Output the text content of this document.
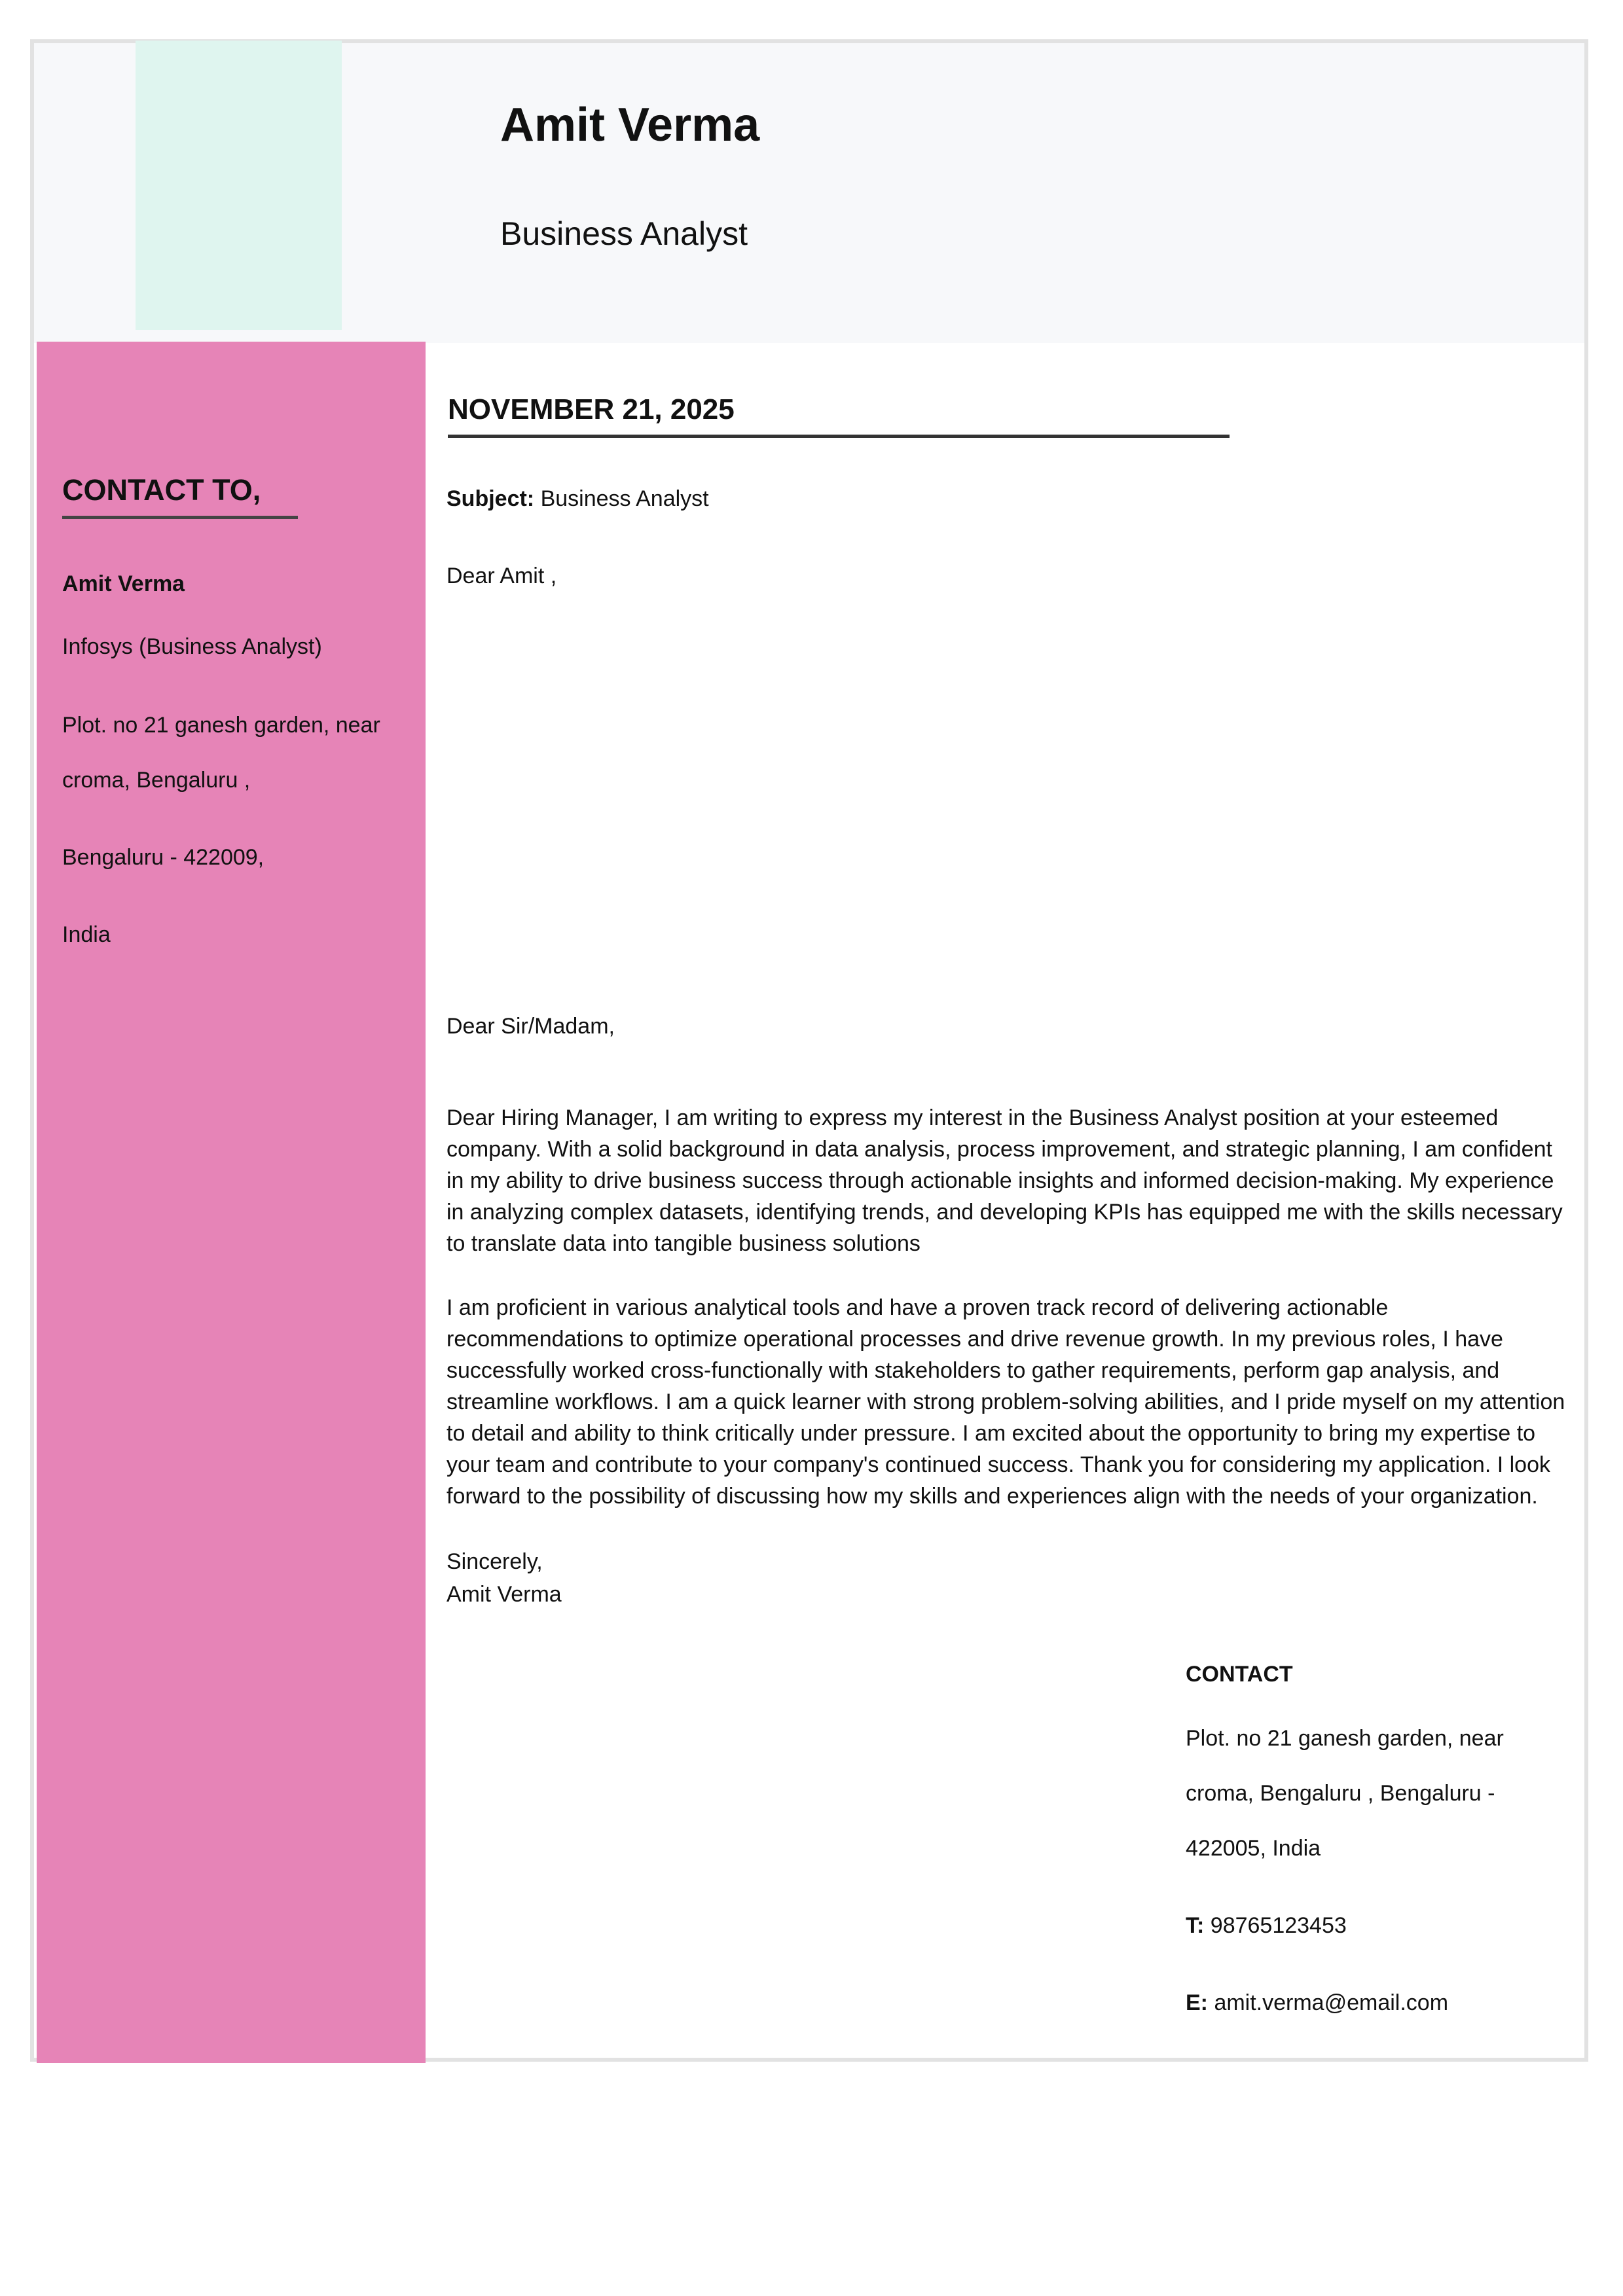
Amit Verma
Business Analyst
CONTACT TO,
Amit Verma
Infosys (Business Analyst)
Plot. no 21 ganesh garden, near
croma, Bengaluru ,
Bengaluru - 422009,
India
NOVEMBER 21, 2025
Subject: Business Analyst
Dear Amit ,
Dear Sir/Madam,

Dear Hiring Manager, I am writing to express my interest in the Business Analyst position at your esteemed company. With a solid background in data analysis, process improvement, and strategic planning, I am confident in my ability to drive business success through actionable insights and informed decision-making. My experience in analyzing complex datasets, identifying trends, and developing KPIs has equipped me with the skills necessary to translate data into tangible business solutions

I am proficient in various analytical tools and have a proven track record of delivering actionable recommendations to optimize operational processes and drive revenue growth. In my previous roles, I have successfully worked cross-functionally with stakeholders to gather requirements, perform gap analysis, and streamline workflows. I am a quick learner with strong problem-solving abilities, and I pride myself on my attention to detail and ability to think critically under pressure. I am excited about the opportunity to bring my expertise to your team and contribute to your company's continued success. Thank you for considering my application. I look forward to the possibility of discussing how my skills and experiences align with the needs of your organization.

Sincerely,
Amit Verma
CONTACT
Plot. no 21 ganesh garden, near
croma, Bengaluru , Bengaluru -
422005, India
T: 98765123453
E: amit.verma@email.com
